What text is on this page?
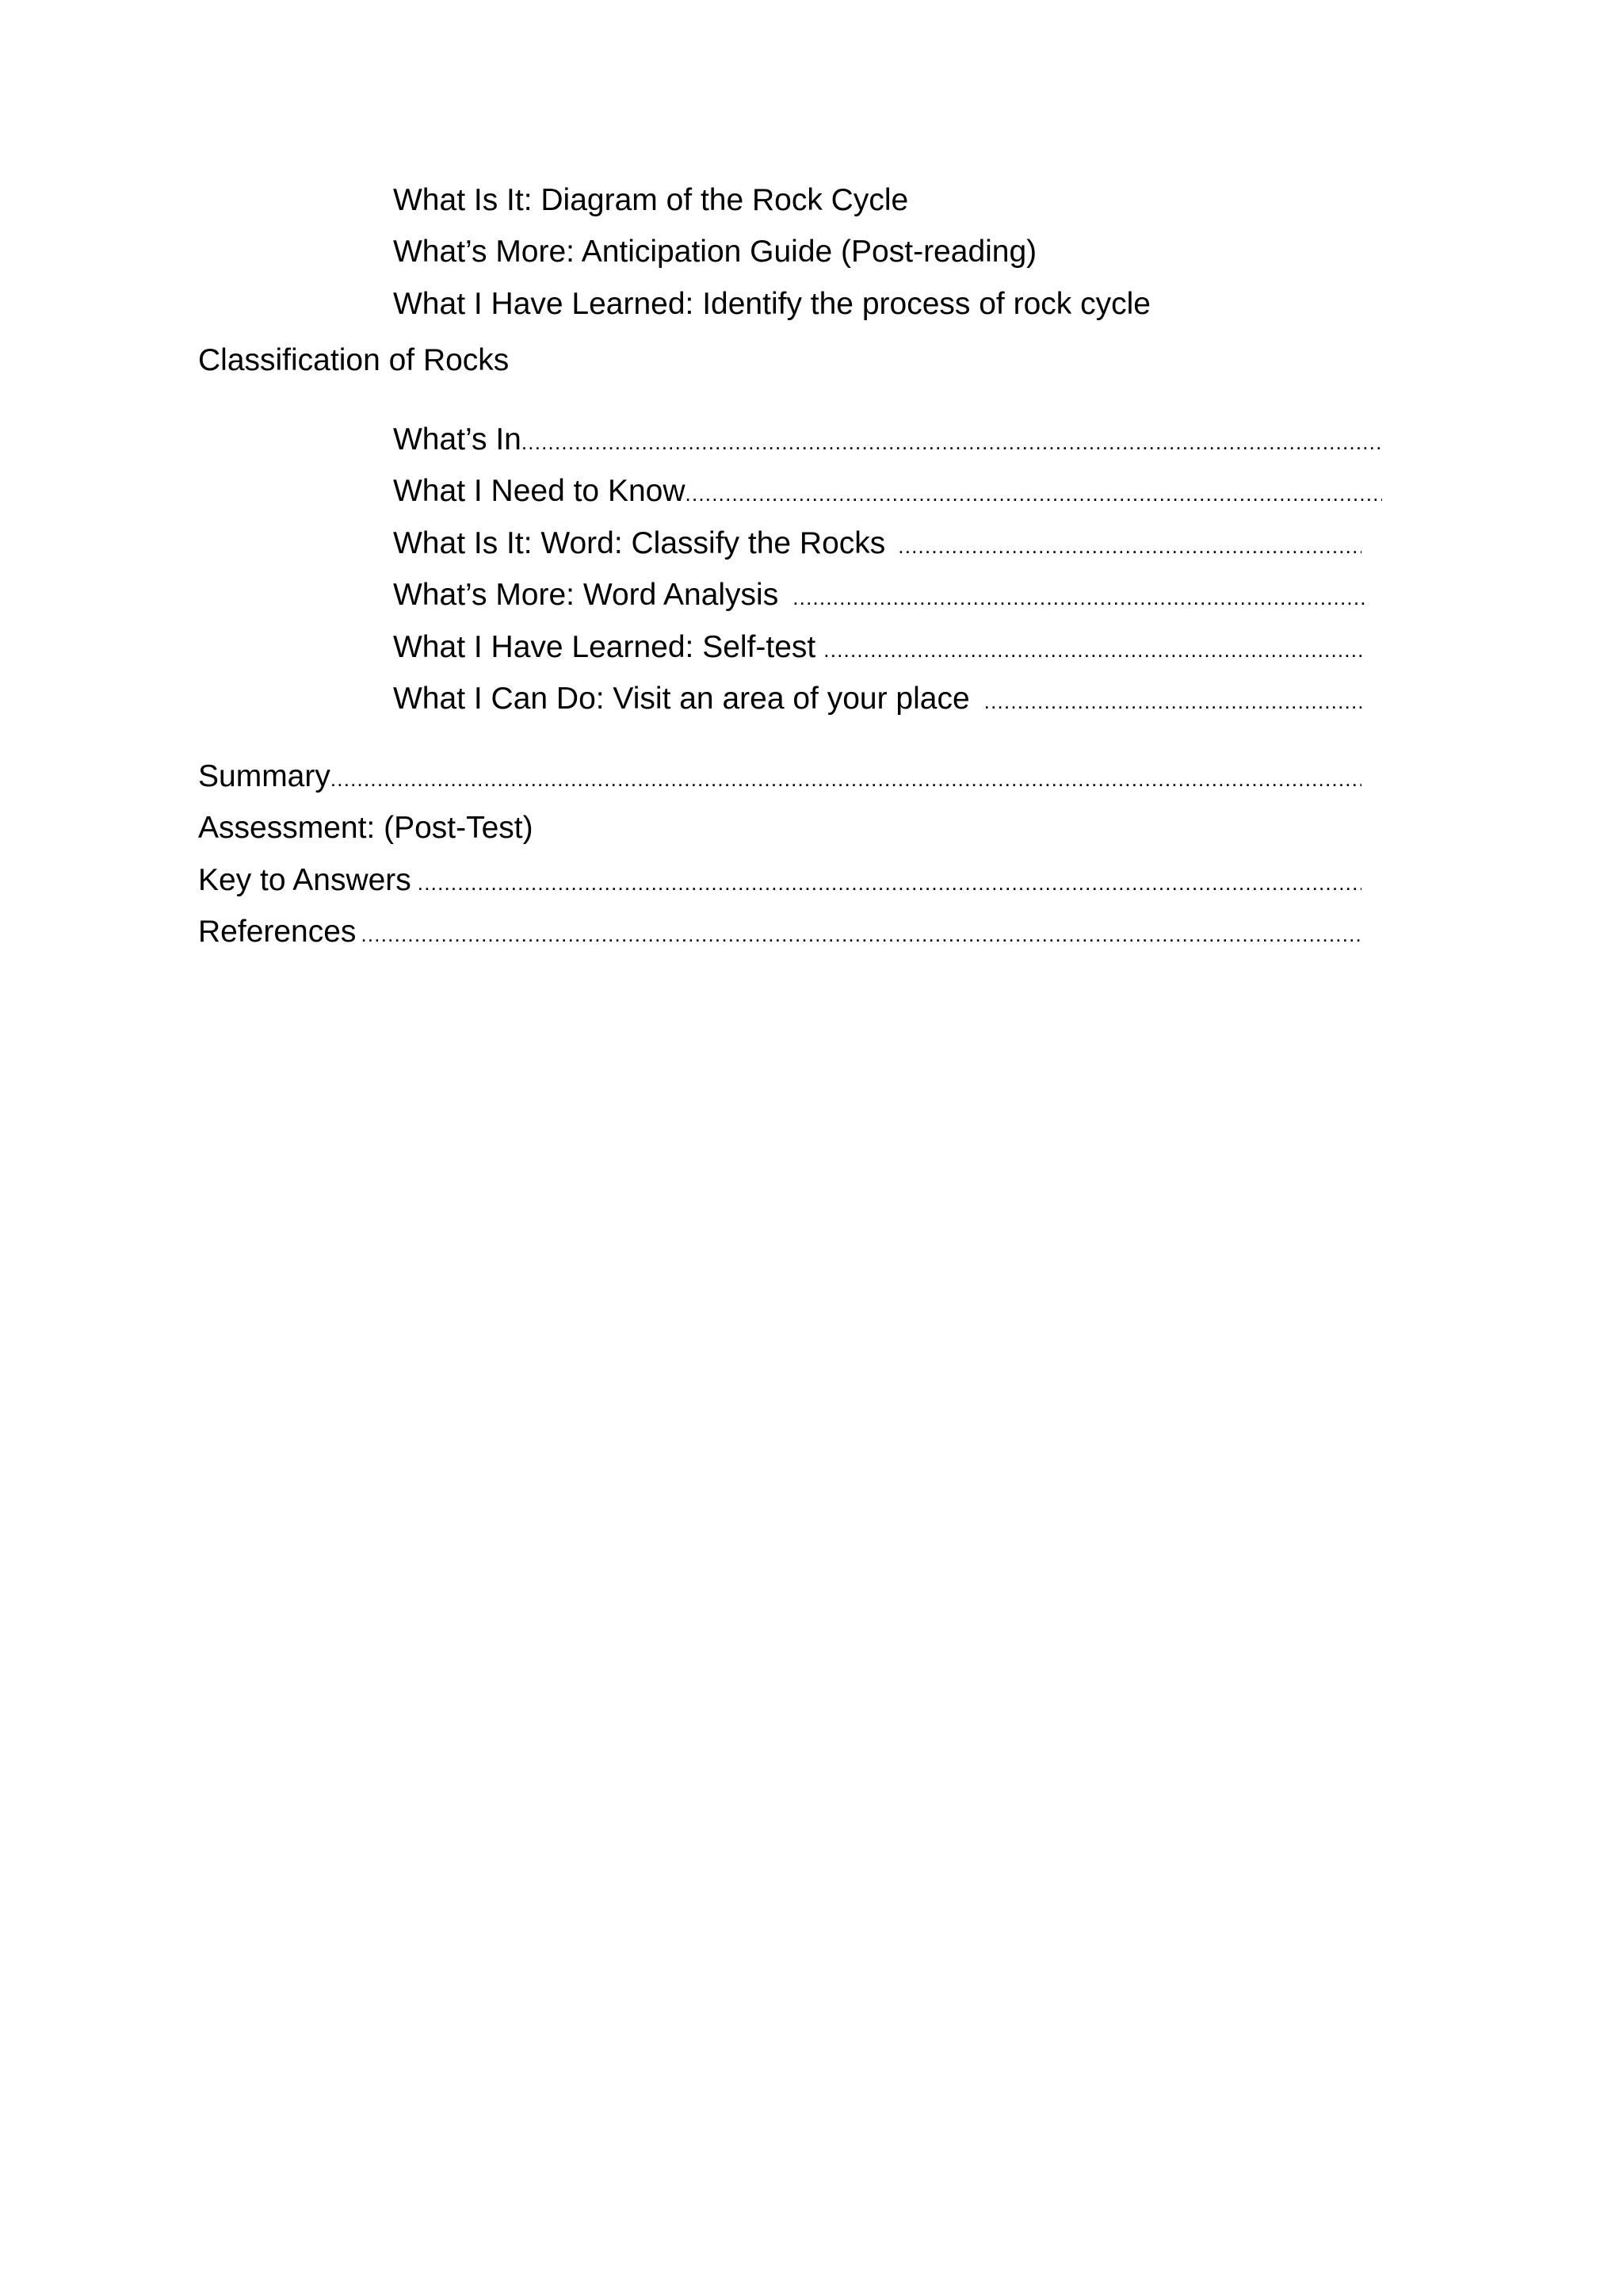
What Is It: Diagram of the Rock Cycle
What’s More: Anticipation Guide (Post-reading)
What I Have Learned: Identify the process of rock cycle
Classification of Rocks
What’s In
.....
What I Need to Know
.....
What Is It: Word: Classify the Rocks
.....
What’s More: Word Analysis
.....
What I Have Learned: Self-test
.....
What I Can Do: Visit an area of your place
.....
Summary
.....
Assessment: (Post-Test)
Key to Answers
.....
References
.....
